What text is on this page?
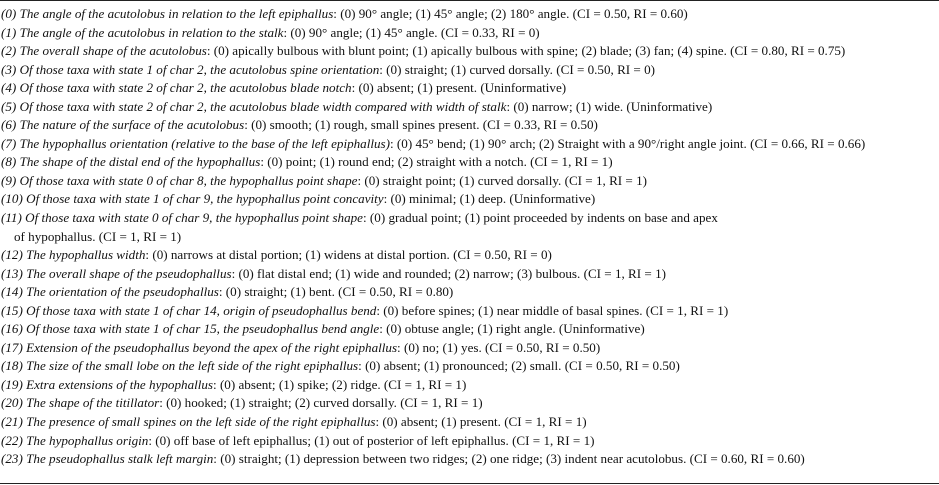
(0) The angle of the acutolobus in relation to the left epiphallus: (0) 90° angle; (1) 45° angle; (2) 180° angle. (CI = 0.50, RI = 0.60)
(1) The angle of the acutolobus in relation to the stalk: (0) 90° angle; (1) 45° angle. (CI = 0.33, RI = 0)
(2) The overall shape of the acutolobus: (0) apically bulbous with blunt point; (1) apically bulbous with spine; (2) blade; (3) fan; (4) spine. (CI = 0.80, RI = 0.75)
(3) Of those taxa with state 1 of char 2, the acutolobus spine orientation: (0) straight; (1) curved dorsally. (CI = 0.50, RI = 0)
(4) Of those taxa with state 2 of char 2, the acutolobus blade notch: (0) absent; (1) present. (Uninformative)
(5) Of those taxa with state 2 of char 2, the acutolobus blade width compared with width of stalk: (0) narrow; (1) wide. (Uninformative)
(6) The nature of the surface of the acutolobus: (0) smooth; (1) rough, small spines present. (CI = 0.33, RI = 0.50)
(7) The hypophallus orientation (relative to the base of the left epiphallus): (0) 45° bend; (1) 90° arch; (2) Straight with a 90°/right angle joint. (CI = 0.66, RI = 0.66)
(8) The shape of the distal end of the hypophallus: (0) point; (1) round end; (2) straight with a notch. (CI = 1, RI = 1)
(9) Of those taxa with state 0 of char 8, the hypophallus point shape: (0) straight point; (1) curved dorsally. (CI = 1, RI = 1)
(10) Of those taxa with state 1 of char 9, the hypophallus point concavity: (0) minimal; (1) deep. (Uninformative)
(11) Of those taxa with state 0 of char 9, the hypophallus point shape: (0) gradual point; (1) point proceeded by indents on base and apex
of hypophallus. (CI = 1, RI = 1)
(12) The hypophallus width: (0) narrows at distal portion; (1) widens at distal portion. (CI = 0.50, RI = 0)
(13) The overall shape of the pseudophallus: (0) flat distal end; (1) wide and rounded; (2) narrow; (3) bulbous. (CI = 1, RI = 1)
(14) The orientation of the pseudophallus: (0) straight; (1) bent. (CI = 0.50, RI = 0.80)
(15) Of those taxa with state 1 of char 14, origin of pseudophallus bend: (0) before spines; (1) near middle of basal spines. (CI = 1, RI = 1)
(16) Of those taxa with state 1 of char 15, the pseudophallus bend angle: (0) obtuse angle; (1) right angle. (Uninformative)
(17) Extension of the pseudophallus beyond the apex of the right epiphallus: (0) no; (1) yes. (CI = 0.50, RI = 0.50)
(18) The size of the small lobe on the left side of the right epiphallus: (0) absent; (1) pronounced; (2) small. (CI = 0.50, RI = 0.50)
(19) Extra extensions of the hypophallus: (0) absent; (1) spike; (2) ridge. (CI = 1, RI = 1)
(20) The shape of the titillator: (0) hooked; (1) straight; (2) curved dorsally. (CI = 1, RI = 1)
(21) The presence of small spines on the left side of the right epiphallus: (0) absent; (1) present. (CI = 1, RI = 1)
(22) The hypophallus origin: (0) off base of left epiphallus; (1) out of posterior of left epiphallus. (CI = 1, RI = 1)
(23) The pseudophallus stalk left margin: (0) straight; (1) depression between two ridges; (2) one ridge; (3) indent near acutolobus. (CI = 0.60, RI = 0.60)
